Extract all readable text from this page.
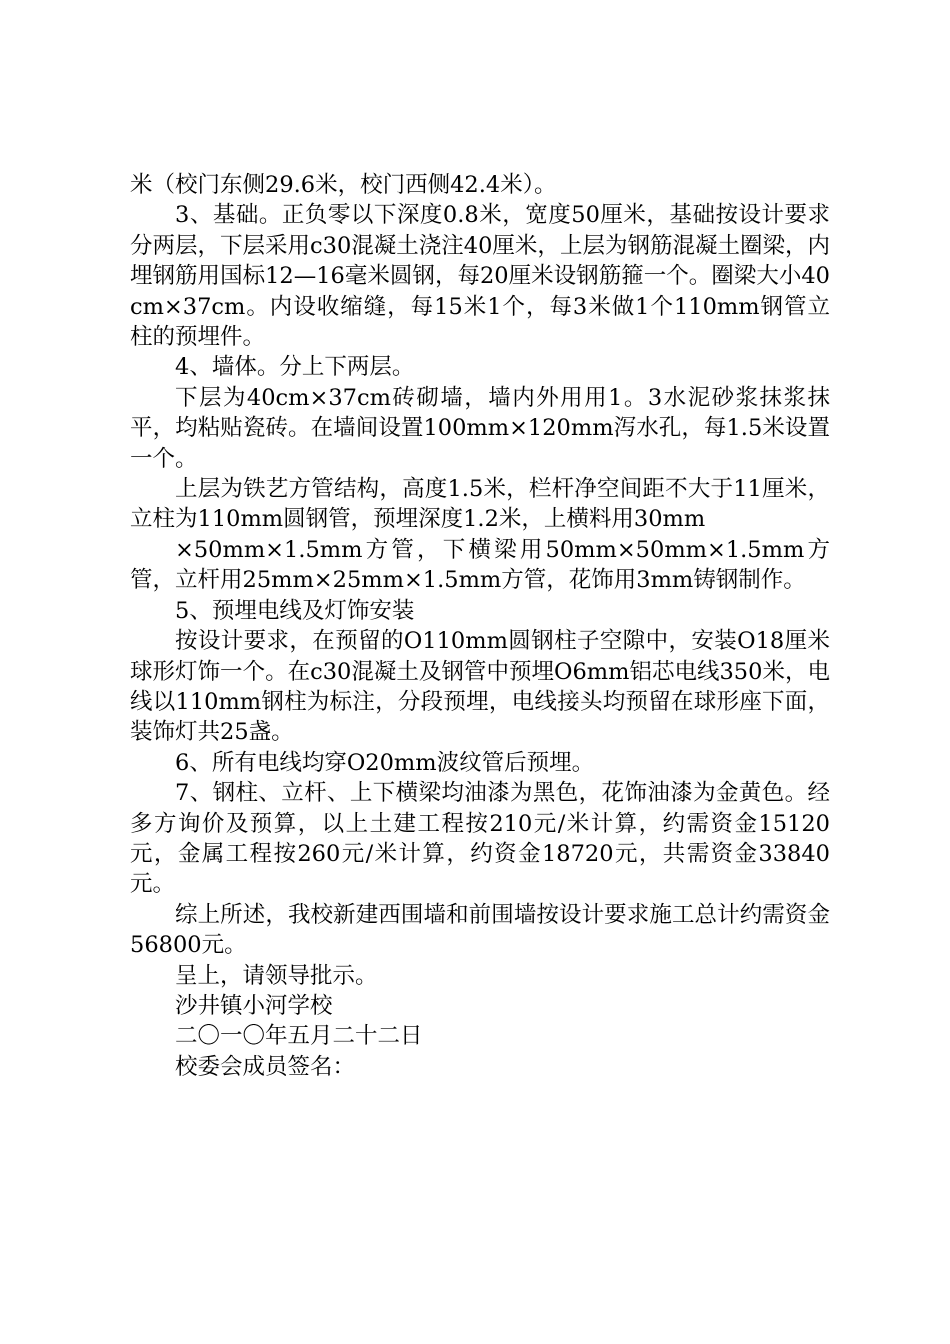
米（校门东侧29.6米，校门西侧42.4米）。

3、基础。正负零以下深度0.8米，宽度50厘米，基础按设计要求分两层，下层采用c30混凝土浇注40厘米，上层为钢筋混凝土圈梁，内埋钢筋用国标12—16毫米圆钢，每20厘米设钢筋箍一个。圈梁大小40cm×37cm。内设收缩缝，每15米1个，每3米做1个110mm钢管立柱的预埋件。

4、墙体。分上下两层。

下层为40cm×37cm砖砌墙，墙内外用用1。3水泥砂浆抹浆抹平，均粘贴瓷砖。在墙间设置100mm×120mm泻水孔，每1.5米设置一个。

上层为铁艺方管结构，高度1.5米，栏杆净空间距不大于11厘米，立柱为110mm圆钢管，预埋深度1.2米，上横料用30mm

×50mm×1.5mm方管，下横梁用50mm×50mm×1.5mm方管，立杆用25mm×25mm×1.5mm方管，花饰用3mm铸钢制作。

5、预埋电线及灯饰安装

按设计要求，在预留的O110mm圆钢柱子空隙中，安装O18厘米球形灯饰一个。在c30混凝土及钢管中预埋O6mm铝芯电线350米，电线以110mm钢柱为标注，分段预埋，电线接头均预留在球形座下面，装饰灯共25盏。

6、所有电线均穿O20mm波纹管后预埋。

7、钢柱、立杆、上下横梁均油漆为黑色，花饰油漆为金黄色。经多方询价及预算，以上土建工程按210元/米计算，约需资金15120元，金属工程按260元/米计算，约资金18720元，共需资金33840元。

综上所述，我校新建西围墙和前围墙按设计要求施工总计约需资金56800元。

呈上，请领导批示。

沙井镇小河学校

二〇一〇年五月二十二日

校委会成员签名：
